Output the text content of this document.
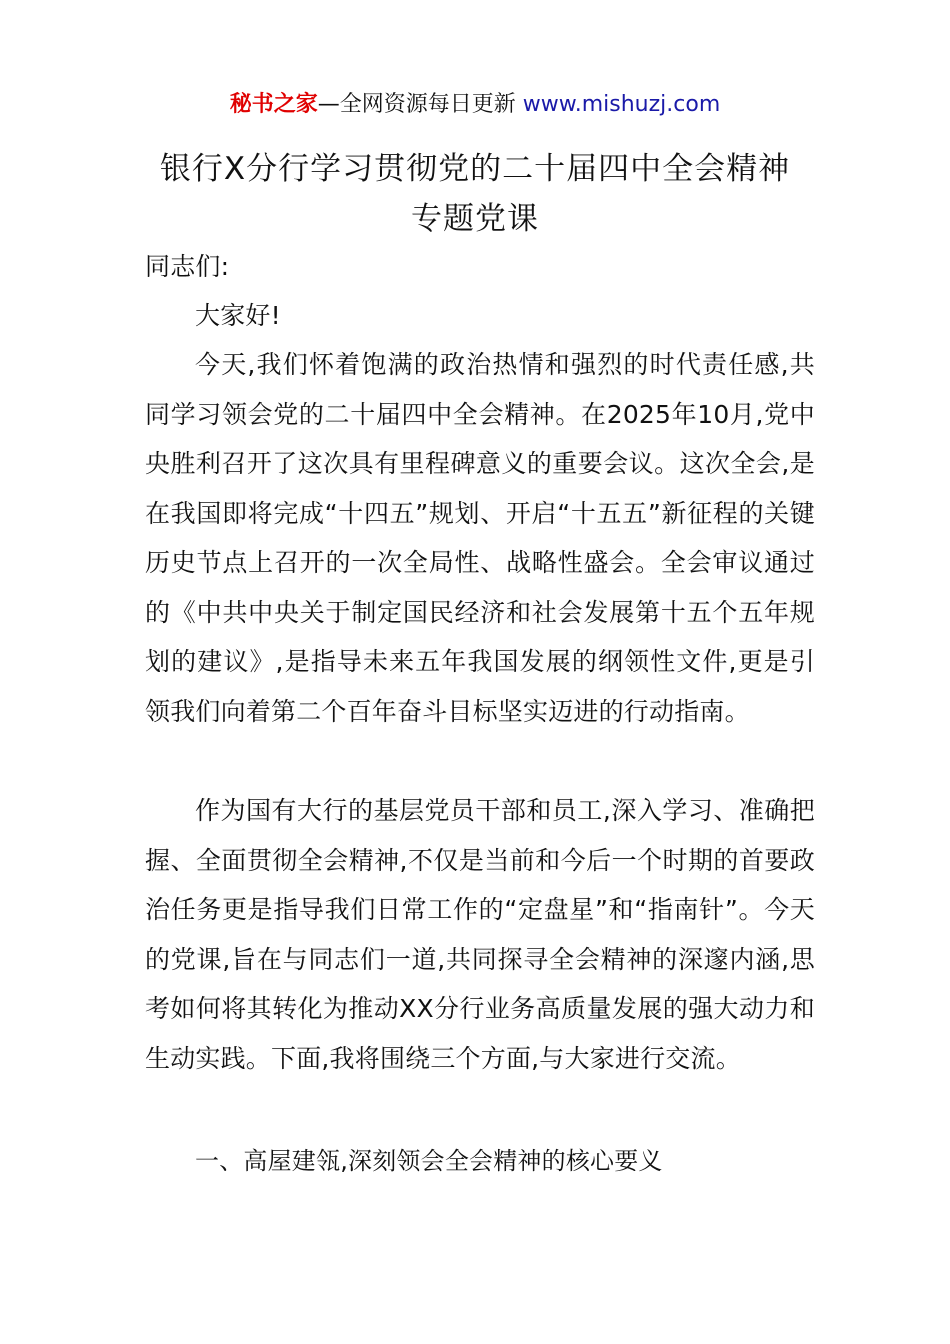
秘书之家—全网资源每日更新 www.mishuzj.com
银行X分行学习贯彻党的二十届四中全会精神
专题党课
同志们:
大家好!
今天,我们怀着饱满的政治热情和强烈的时代责任感,共同学习领会党的二十届四中全会精神。在2025年10月,党中央胜利召开了这次具有里程碑意义的重要会议。这次全会,是在我国即将完成“十四五”规划、开启“十五五”新征程的关键历史节点上召开的一次全局性、战略性盛会。全会审议通过的《中共中央关于制定国民经济和社会发展第十五个五年规划的建议》,是指导未来五年我国发展的纲领性文件,更是引领我们向着第二个百年奋斗目标坚实迈进的行动指南。
作为国有大行的基层党员干部和员工,深入学习、准确把握、全面贯彻全会精神,不仅是当前和今后一个时期的首要政治任务更是指导我们日常工作的“定盘星”和“指南针”。今天的党课,旨在与同志们一道,共同探寻全会精神的深邃内涵,思考如何将其转化为推动XX分行业务高质量发展的强大动力和生动实践。下面,我将围绕三个方面,与大家进行交流。
一、高屋建瓴,深刻领会全会精神的核心要义
